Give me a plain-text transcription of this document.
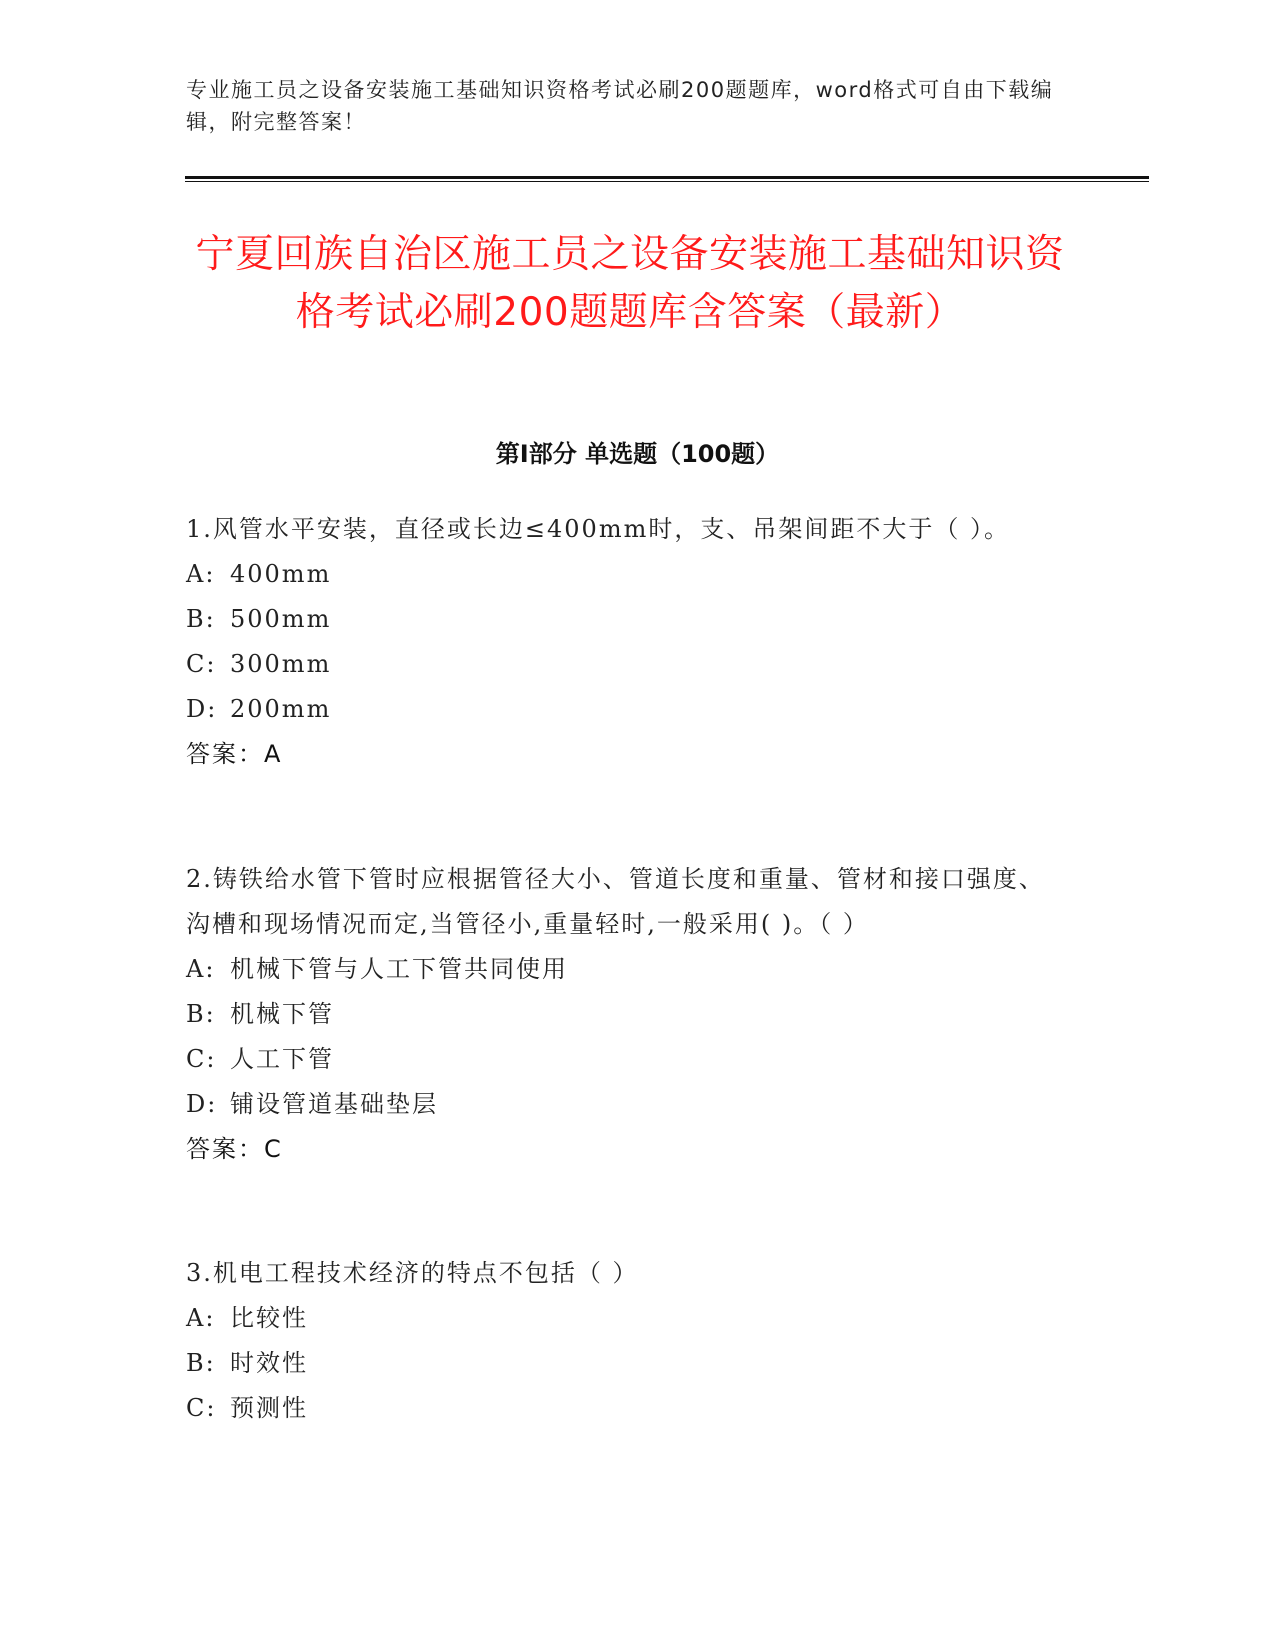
专业施工员之设备安装施工基础知识资格考试必刷200题题库，word格式可自由下载编辑，附完整答案！
宁夏回族自治区施工员之设备安装施工基础知识资格考试必刷200题题库含答案（最新）
第I部分 单选题（100题）

1.风管水平安装，直径或长边≤400mm时，支、吊架间距不大于（ ）。

A: 400mm

B: 500mm

C: 300mm

D: 200mm

答案：A

2.铸铁给水管下管时应根据管径大小、管道长度和重量、管材和接口强度、沟槽和现场情况而定,当管径小,重量轻时,一般采用( )。（ ）

A: 机械下管与人工下管共同使用

B: 机械下管

C: 人工下管

D: 铺设管道基础垫层

答案：C

3.机电工程技术经济的特点不包括（ ）

A: 比较性

B: 时效性

C: 预测性
